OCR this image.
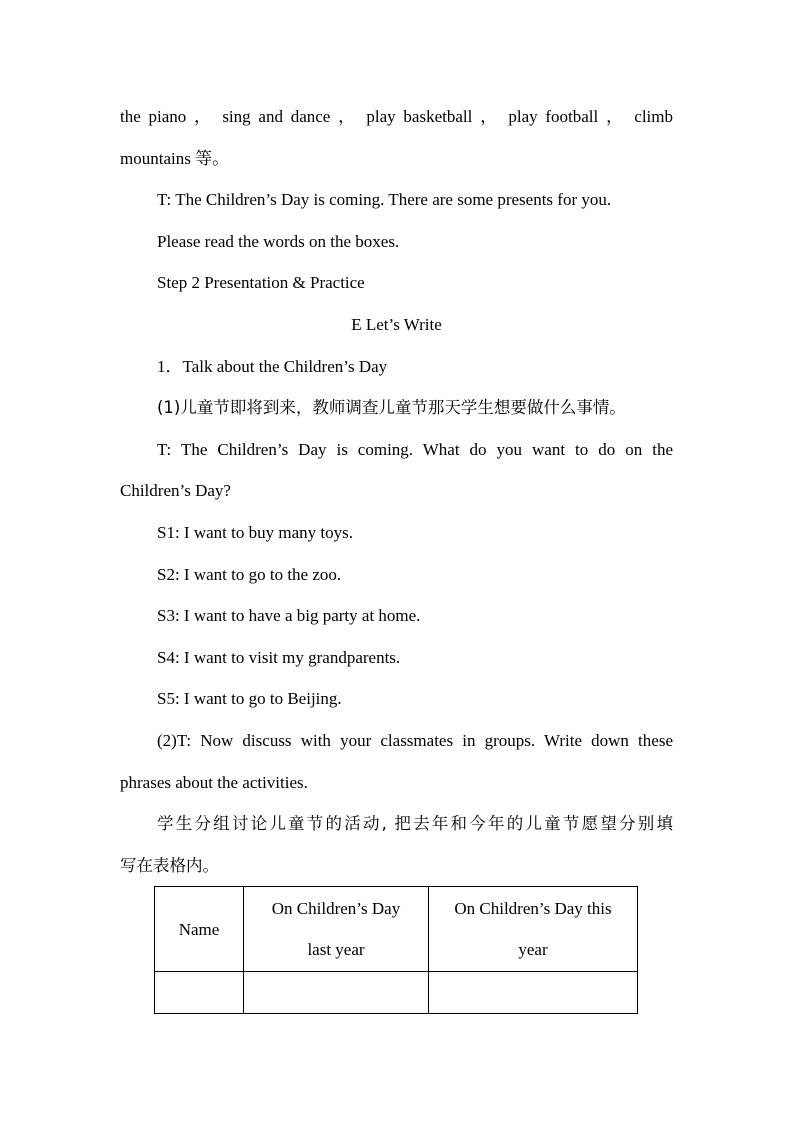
the piano ， sing and dance ， play basketball ， play football ， climb
mountains 等。
T: The Children’s Day is coming. There are some presents for you.
Please read the words on the boxes.
Step 2 Presentation & Practice
E Let’s Write
1．Talk about the Children’s Day
(1)儿童节即将到来，教师调查儿童节那天学生想要做什么事情。
T: The Children’s Day is coming. What do you want to do on the
Children’s Day?
S1: I want to buy many toys.
S2: I want to go to the zoo.
S3: I want to have a big party at home.
S4: I want to visit my grandparents.
S5: I want to go to Beijing.
(2)T: Now discuss with your classmates in groups. Write down these
phrases about the activities.
学生分组讨论儿童节的活动, 把去年和今年的儿童节愿望分别填
写在表格内。
Name	On Children’s Day last year	On Children’s Day this year
